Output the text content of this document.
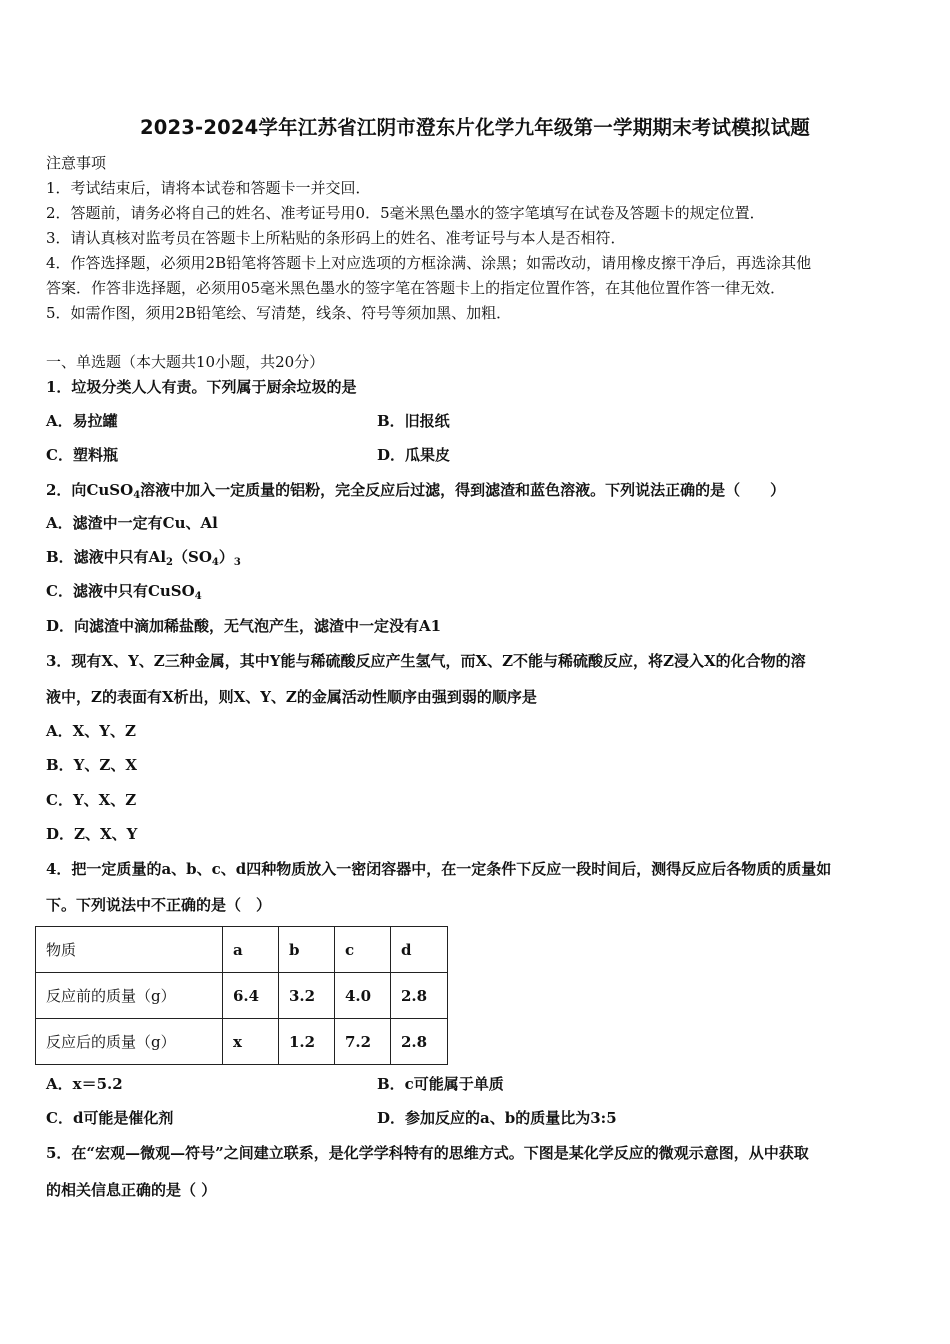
2023-2024学年江苏省江阴市澄东片化学九年级第一学期期末考试模拟试题
注意事项
1．考试结束后，请将本试卷和答题卡一并交回．
2．答题前，请务必将自己的姓名、准考证号用0．5毫米黑色墨水的签字笔填写在试卷及答题卡的规定位置．
3．请认真核对监考员在答题卡上所粘贴的条形码上的姓名、准考证号与本人是否相符．
4．作答选择题，必须用2B铅笔将答题卡上对应选项的方框涂满、涂黑；如需改动，请用橡皮擦干净后，再选涂其他
答案．作答非选择题，必须用05毫米黑色墨水的签字笔在答题卡上的指定位置作答，在其他位置作答一律无效．
5．如需作图，须用2B铅笔绘、写清楚，线条、符号等须加黑、加粗．
一、单选题（本大题共10小题，共20分）
1．垃圾分类人人有责。下列属于厨余垃圾的是
A．易拉罐	B．旧报纸
C．塑料瓶	D．瓜果皮
2．向CuSO$_4$溶液中加入一定质量的铝粉，完全反应后过滤，得到滤渣和蓝色溶液。下列说法正确的是（　　）
A．滤渣中一定有Cu、Al
B．滤液中只有$Al_2(SO_4)_3$
C．滤液中只有CuSO$_4$
D．向滤渣中滴加稀盐酸，无气泡产生，滤渣中一定没有A1
3．现有X、Y、Z三种金属，其中Y能与稀硫酸反应产生氢气，而X、Z不能与稀硫酸反应，将Z浸入X的化合物的溶
液中，Z的表面有X析出，则X、Y、Z的金属活动性顺序由强到弱的顺序是
A．X、Y、Z
B．Y、Z、X
C．Y、X、Z
D．Z、X、Y
4．把一定质量的a、b、c、d四种物质放入一密闭容器中，在一定条件下反应一段时间后，测得反应后各物质的质量如
下。下列说法中不正确的是（　）
物质	a	b	c	d
反应前的质量（g）	6.4	3.2	4.0	2.8
反应后的质量（g）	x	1.2	7.2	2.8
A．x＝5.2	B．c可能属于单质
C．d可能是催化剂	D．参加反应的a、b的质量比为3:5
5．在“宏观—微观—符号”之间建立联系，是化学学科特有的思维方式。下图是某化学反应的微观示意图，从中获取
的相关信息正确的是（ ）
